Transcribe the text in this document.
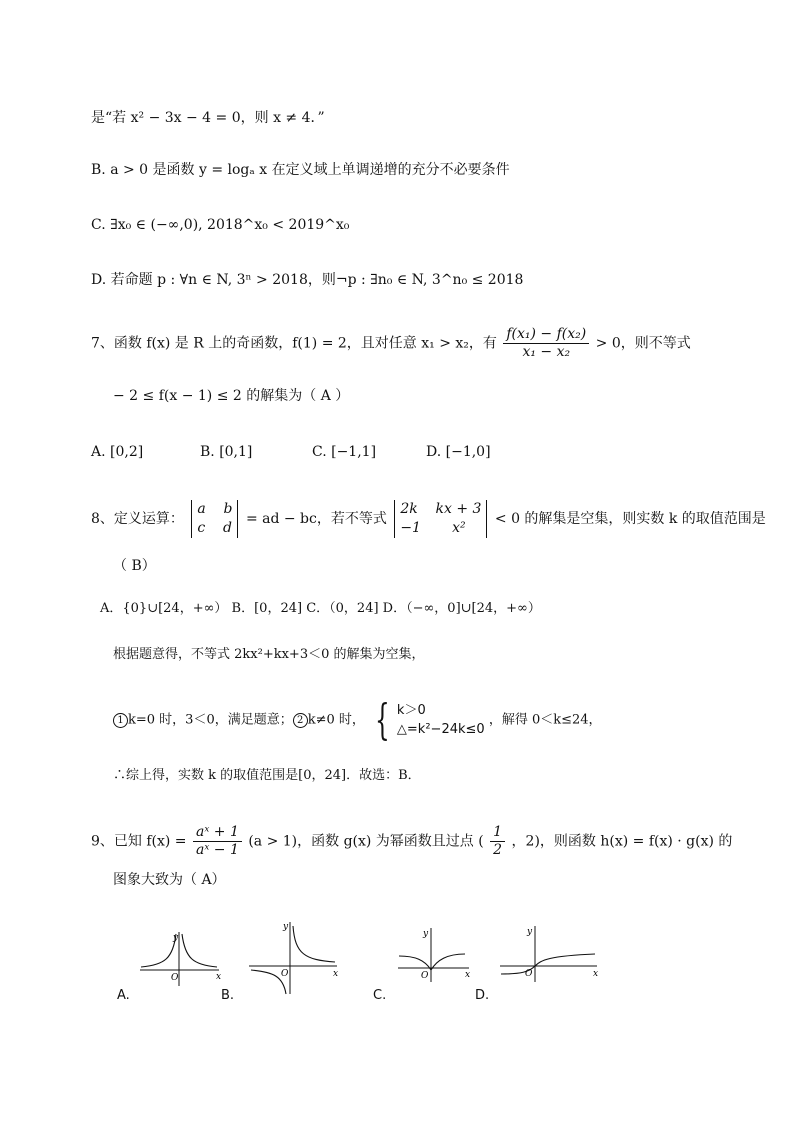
是“若 x² − 3x − 4 = 0，则 x ≠ 4．”
B. a > 0 是函数 y = logₐ x 在定义域上单调递增的充分不必要条件
C. ∃x₀ ∈ (−∞,0), 2018^x₀ < 2019^x₀
D. 若命题 p : ∀n ∈ N, 3ⁿ > 2018，则¬p : ∃n₀ ∈ N, 3^n₀ ≤ 2018
7、函数 f(x) 是 R 上的奇函数，f(1) = 2，且对任意 x₁ > x₂，有 $\frac{\text{f(x₁) − f(x₂)}}{\text{x₁ − x₂}} > 0$，则不等式
− 2 ≤ f(x − 1) ≤ 2 的解集为（ A ）
A. [0,2]	B. [0,1]	C. [−1,1]	D. [−1,0]
8、定义运算：
a    b
c    d
= ad − bc，若不等式
2k    kx + 3
−1       x²
< 0 的解集是空集，则实数 k 的取值范围是
（ B）
A．{0}∪[24，+∞） B．[0，24] C．（0，24] D．（−∞，0]∪[24，+∞）
根据题意得，不等式 2kx²+kx+3＜0 的解集为空集，
1 k=0 时，3＜0，满足题意； 2 k≠0 时， { k＞0
△=k²−24k≤0
，解得 0＜k≤24，
∴综上得，实数 k 的取值范围是[0，24]．故选：B．
9、已知 $f(x) = \frac{\text{aˣ + 1}}{\text{aˣ − 1}} (a > 1)$，函数 g(x) 为幂函数且过点 ( $\frac{1}{2}$ ，2)，则函数 h(x) = f(x) · g(x) 的
图象大致为（ A）
y
x
O
A.
y
x
O
B.
y
x
O
C.
y
x
O
D.
